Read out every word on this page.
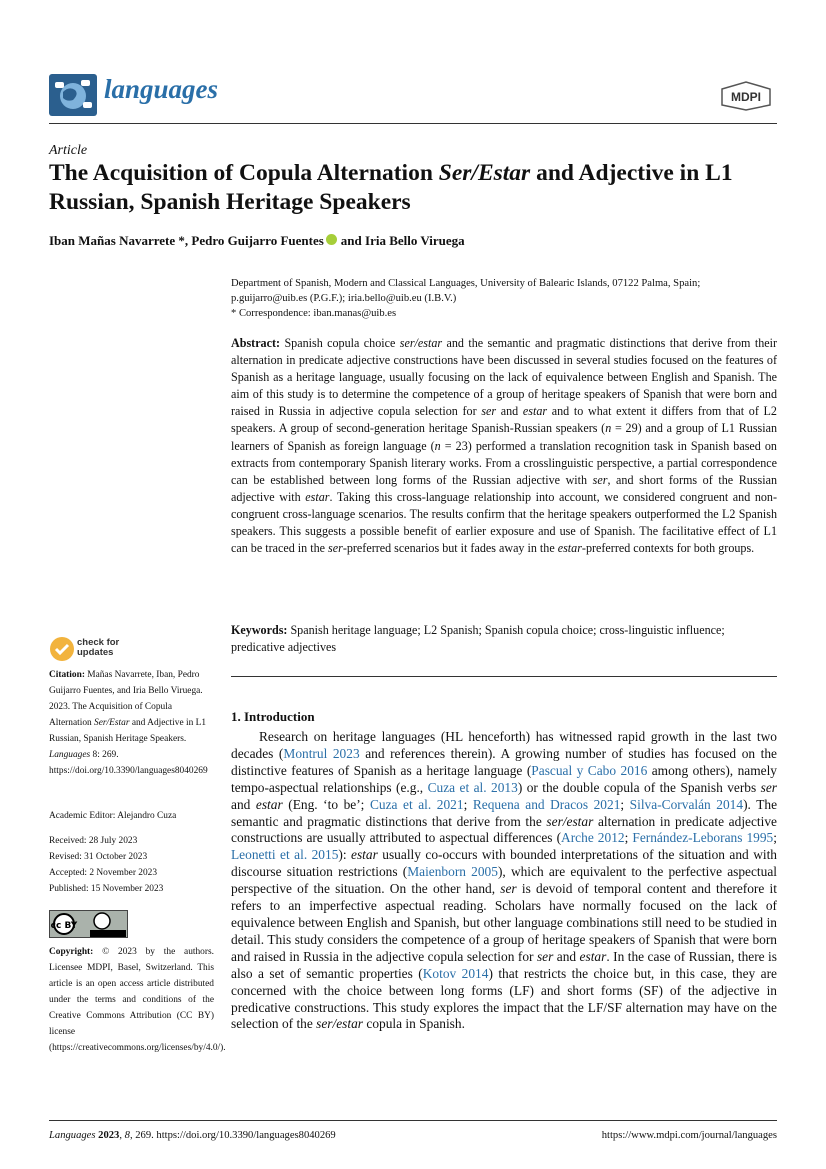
languages	MDPI
Article
The Acquisition of Copula Alternation Ser/Estar and Adjective in L1 Russian, Spanish Heritage Speakers
Iban Mañas Navarrete *, Pedro Guijarro Fuentes and Iria Bello Viruega
Department of Spanish, Modern and Classical Languages, University of Balearic Islands, 07122 Palma, Spain;
p.guijarro@uib.es (P.G.F.); iria.bello@uib.eu (I.B.V.)
* Correspondence: iban.manas@uib.es
Abstract: Spanish copula choice ser/estar and the semantic and pragmatic distinctions that derive from their alternation in predicate adjective constructions have been discussed in several studies focused on the features of Spanish as a heritage language, usually focusing on the lack of equivalence between English and Spanish. The aim of this study is to determine the competence of a group of heritage speakers of Spanish that were born and raised in Russia in adjective copula selection for ser and estar and to what extent it differs from that of L2 speakers. A group of second-generation heritage Spanish-Russian speakers (n = 29) and a group of L1 Russian learners of Spanish as foreign language (n = 23) performed a translation recognition task in Spanish based on extracts from contemporary Spanish literary works. From a crosslinguistic perspective, a partial correspondence can be established between long forms of the Russian adjective with ser, and short forms of the Russian adjective with estar. Taking this cross-language relationship into account, we considered congruent and non-congruent cross-language scenarios. The results confirm that the heritage speakers outperformed the L2 Spanish speakers. This suggests a possible benefit of earlier exposure and use of Spanish. The facilitative effect of L1 can be traced in the ser-preferred scenarios but it fades away in the estar-preferred contexts for both groups.
Keywords: Spanish heritage language; L2 Spanish; Spanish copula choice; cross-linguistic influence; predicative adjectives
1. Introduction
Research on heritage languages (HL henceforth) has witnessed rapid growth in the last two decades (Montrul 2023 and references therein). A growing number of studies has focused on the distinctive features of Spanish as a heritage language (Pascual y Cabo 2016 among others), namely tempo-aspectual relationships (e.g., Cuza et al. 2013) or the double copula of the Spanish verbs ser and estar (Eng. ‘to be’; Cuza et al. 2021; Requena and Dracos 2021; Silva-Corvalán 2014). The semantic and pragmatic distinctions that derive from the ser/estar alternation in predicate adjective constructions are usually attributed to aspectual differences (Arche 2012; Fernández-Leborans 1995; Leonetti et al. 2015): estar usually co-occurs with bounded interpretations of the situation and with discourse situation restrictions (Maienborn 2005), which are equivalent to the perfective aspectual perspective of the situation. On the other hand, ser is devoid of temporal content and therefore it refers to an imperfective aspectual reading. Scholars have normally focused on the lack of equivalence between English and Spanish, but other language combinations still need to be studied in detail. This study considers the competence of a group of heritage speakers of Spanish that were born and raised in Russia in the adjective copula selection for ser and estar. In the case of Russian, there is also a set of semantic properties (Kotov 2014) that restricts the choice but, in this case, they are concerned with the choice between long forms (LF) and short forms (SF) of the adjective in predicative constructions. This study explores the impact that the LF/SF alternation may have on the selection of the ser/estar copula in Spanish.
check for updates
Citation: Mañas Navarrete, Iban, Pedro Guijarro Fuentes, and Iria Bello Viruega. 2023. The Acquisition of Copula Alternation Ser/Estar and Adjective in L1 Russian, Spanish Heritage Speakers. Languages 8: 269. https://doi.org/10.3390/languages8040269
Academic Editor: Alejandro Cuza
Received: 28 July 2023
Revised: 31 October 2023
Accepted: 2 November 2023
Published: 15 November 2023
cc BY
Copyright: © 2023 by the authors. Licensee MDPI, Basel, Switzerland. This article is an open access article distributed under the terms and conditions of the Creative Commons Attribution (CC BY) license (https://creativecommons.org/licenses/by/4.0/).
Languages 2023, 8, 269. https://doi.org/10.3390/languages8040269	https://www.mdpi.com/journal/languages
